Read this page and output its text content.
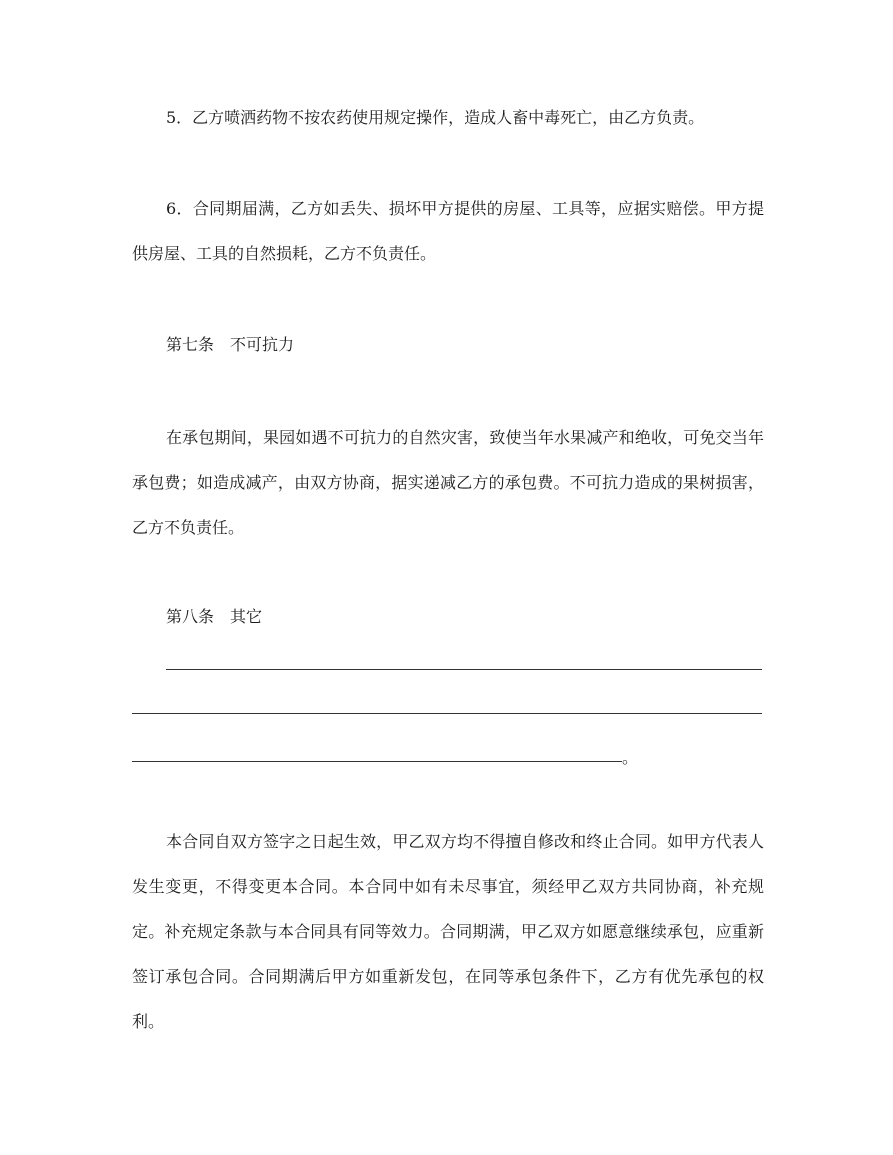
5．乙方喷洒药物不按农药使用规定操作，造成人畜中毒死亡，由乙方负责。

6．合同期届满，乙方如丢失、损坏甲方提供的房屋、工具等，应据实赔偿。甲方提供房屋、工具的自然损耗，乙方不负责任。

第七条　不可抗力

在承包期间，果园如遇不可抗力的自然灾害，致使当年水果减产和绝收，可免交当年承包费；如造成减产，由双方协商，据实递减乙方的承包费。不可抗力造成的果树损害，乙方不负责任。

第八条　其它

。

本合同自双方签字之日起生效，甲乙双方均不得擅自修改和终止合同。如甲方代表人发生变更，不得变更本合同。本合同中如有未尽事宜，须经甲乙双方共同协商，补充规定。补充规定条款与本合同具有同等效力。合同期满，甲乙双方如愿意继续承包，应重新签订承包合同。合同期满后甲方如重新发包，在同等承包条件下，乙方有优先承包的权利。
